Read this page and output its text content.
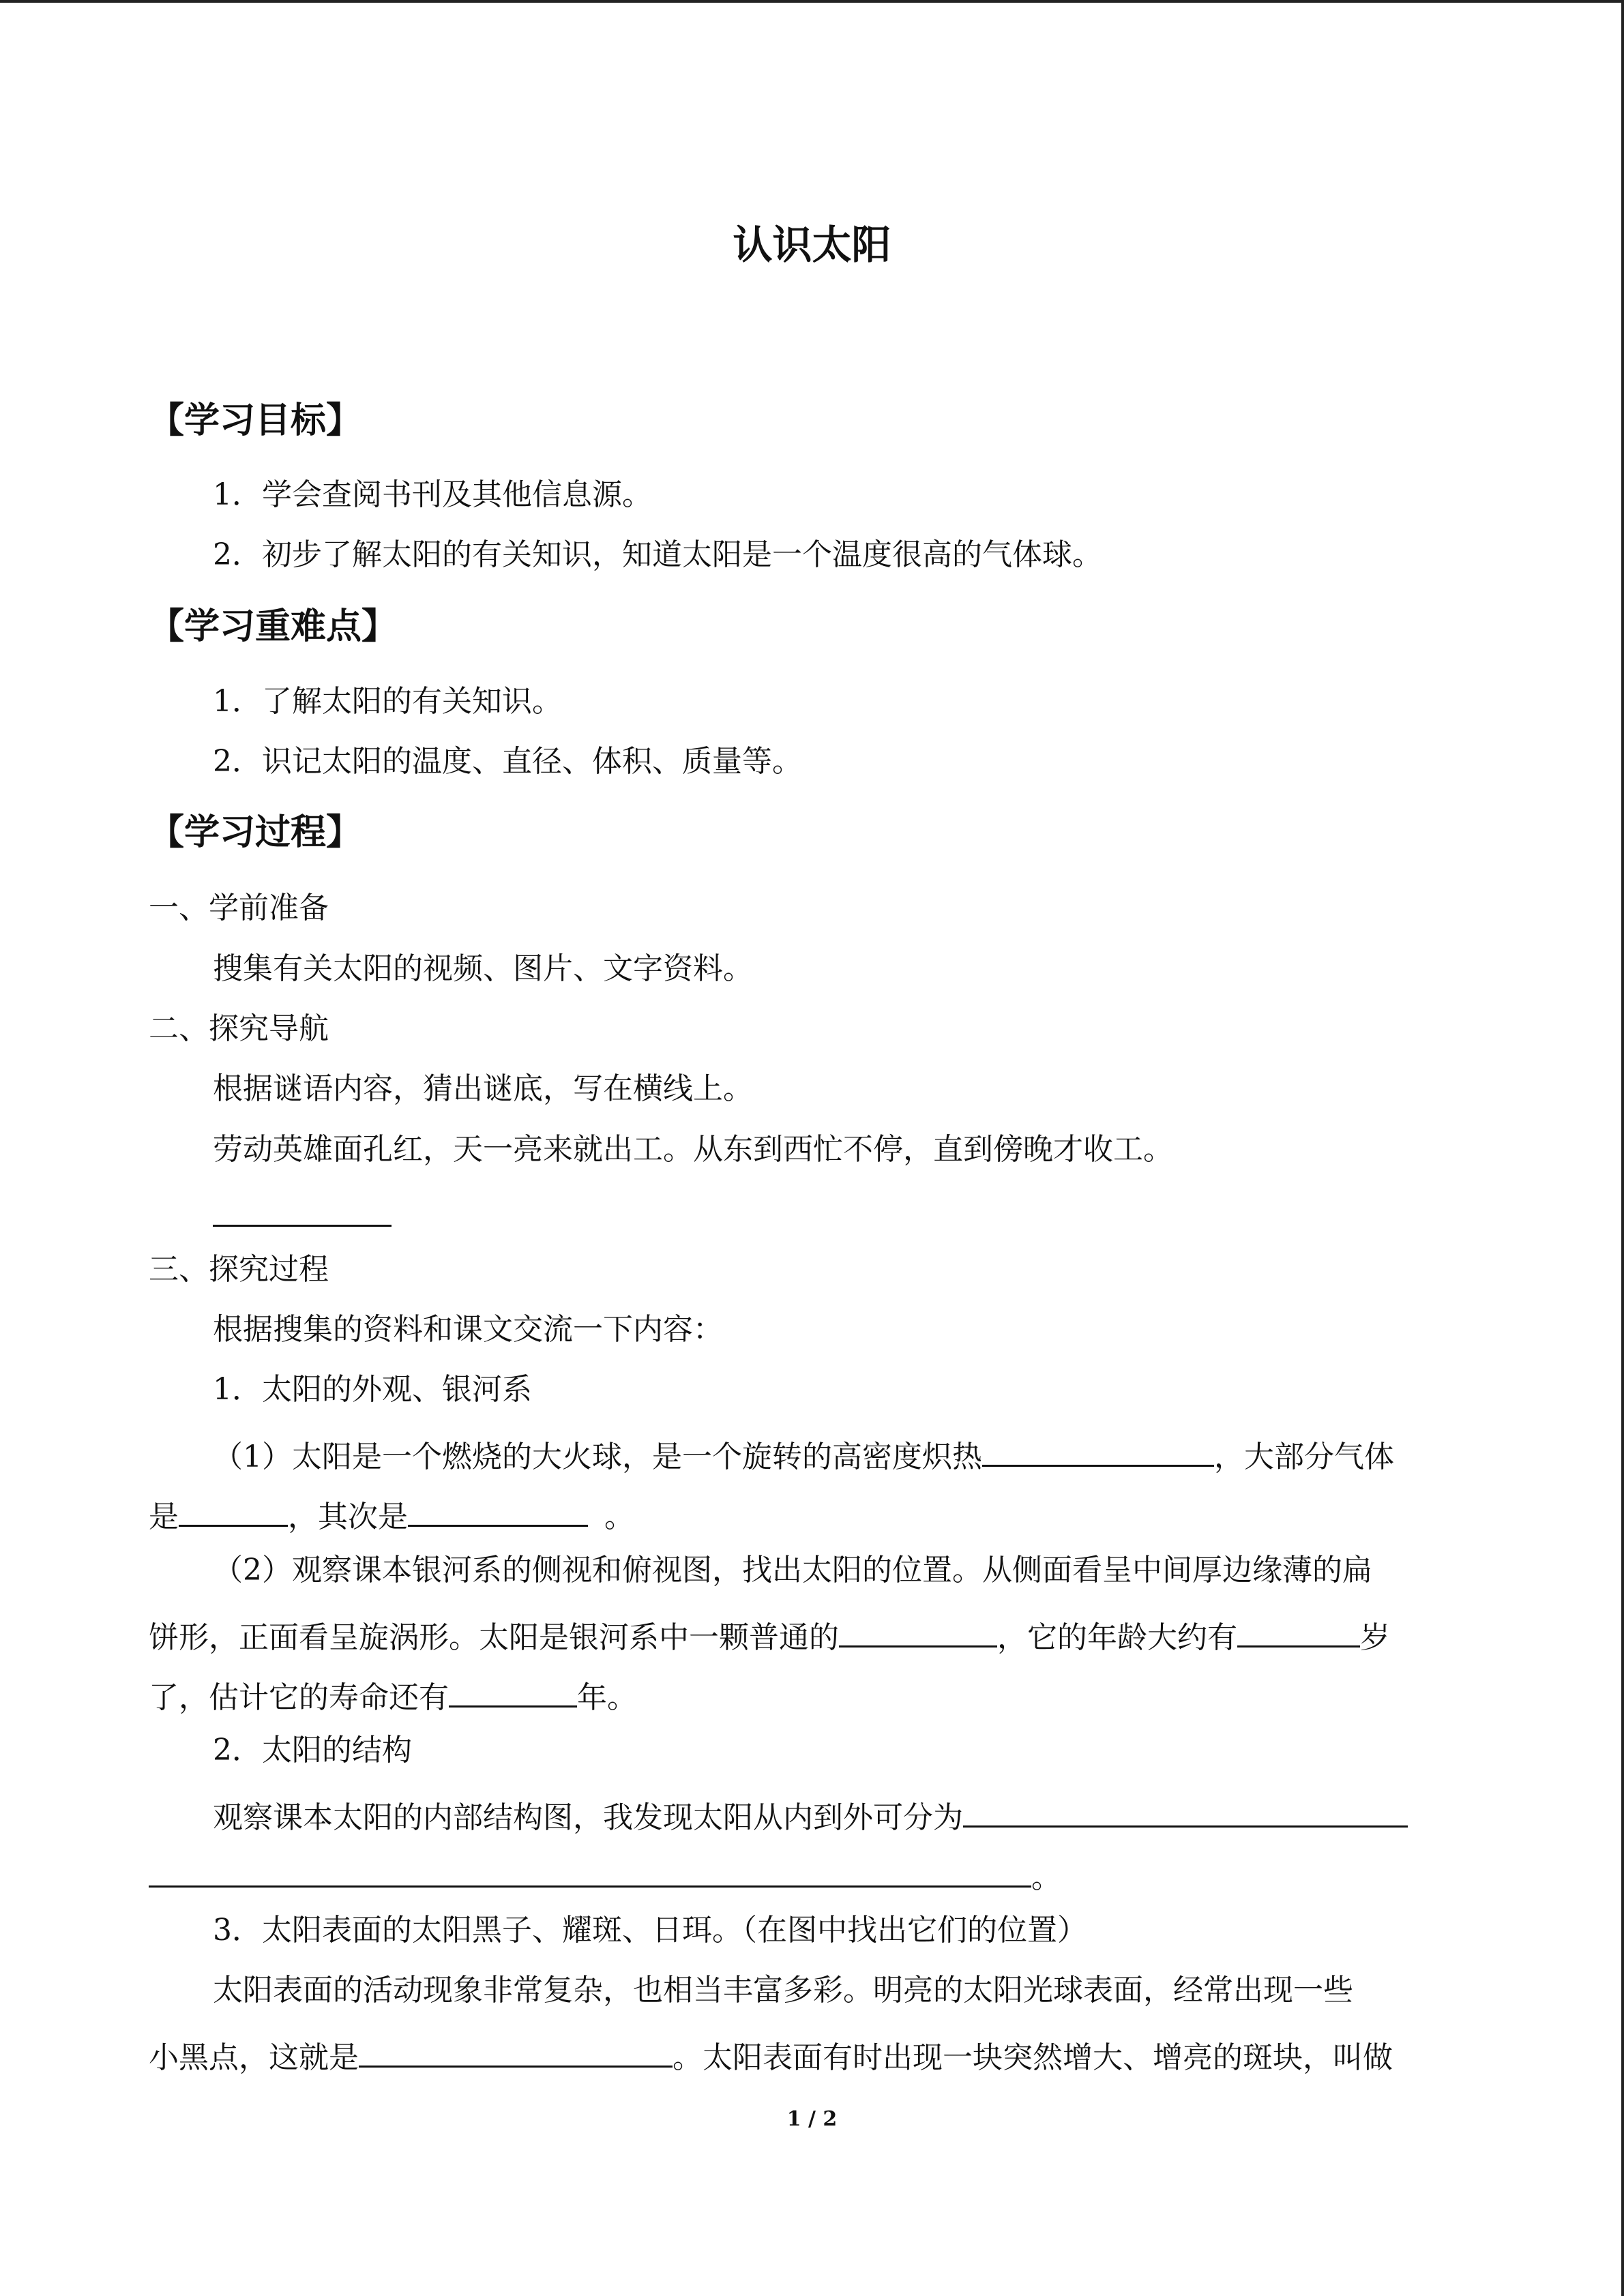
认识太阳
【学习目标】
1．学会查阅书刊及其他信息源。
2．初步了解太阳的有关知识，知道太阳是一个温度很高的气体球。
【学习重难点】
1．了解太阳的有关知识。
2．识记太阳的温度、直径、体积、质量等。
【学习过程】
一、学前准备
搜集有关太阳的视频、图片、文字资料。
二、探究导航
根据谜语内容，猜出谜底，写在横线上。
劳动英雄面孔红，天一亮来就出工。从东到西忙不停，直到傍晚才收工。
三、探究过程
根据搜集的资料和课文交流一下内容：
1．太阳的外观、银河系
（1）太阳是一个燃烧的大火球，是一个旋转的高密度炽热	，大部分气体
是	，其次是	。
（2）观察课本银河系的侧视和俯视图，找出太阳的位置。从侧面看呈中间厚边缘薄的扁
饼形，正面看呈旋涡形。太阳是银河系中一颗普通的	，它的年龄大约有	岁
了，估计它的寿命还有	年。
2．太阳的结构
观察课本太阳的内部结构图，我发现太阳从内到外可分为
。
3．太阳表面的太阳黑子、耀斑、日珥。（在图中找出它们的位置）
太阳表面的活动现象非常复杂，也相当丰富多彩。明亮的太阳光球表面，经常出现一些
小黑点，这就是	。太阳表面有时出现一块突然增大、增亮的斑块，叫做
1 / 2
